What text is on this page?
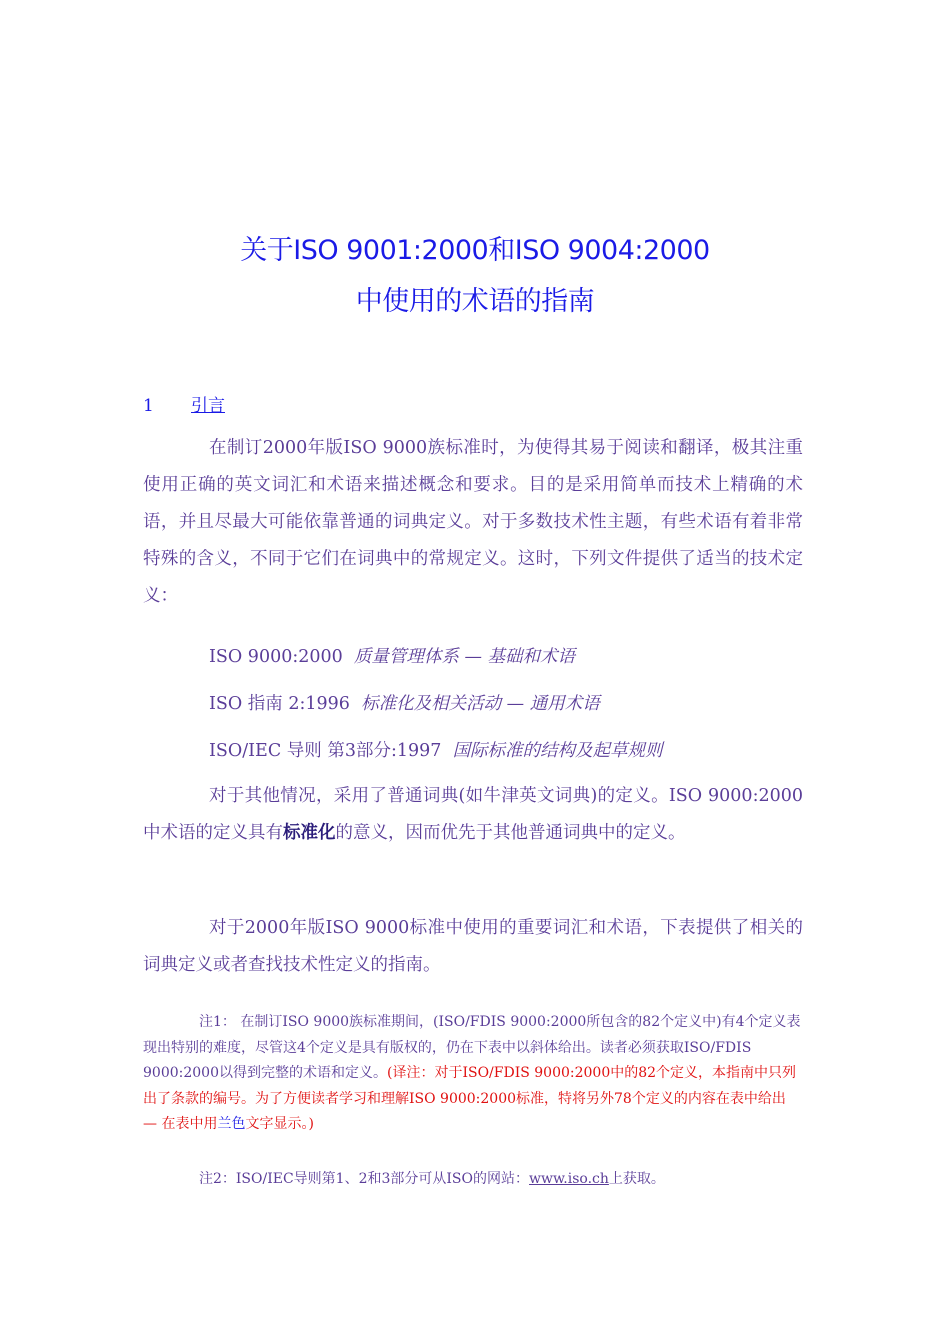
关于ISO 9001:2000和ISO 9004:2000
中使用的术语的指南
1 引言
在制订2000年版ISO 9000族标准时，为使得其易于阅读和翻译，极其注重使用正确的英文词汇和术语来描述概念和要求。目的是采用简单而技术上精确的术语，并且尽最大可能依靠普通的词典定义。对于多数技术性主题，有些术语有着非常特殊的含义，不同于它们在词典中的常规定义。这时，下列文件提供了适当的技术定义：
ISO 9000:2000 质量管理体系 — 基础和术语
ISO 指南 2:1996 标准化及相关活动 — 通用术语
ISO/IEC 导则 第3部分:1997 国际标准的结构及起草规则
对于其他情况，采用了普通词典(如牛津英文词典)的定义。ISO 9000:2000中术语的定义具有标准化的意义，因而优先于其他普通词典中的定义。
对于2000年版ISO 9000标准中使用的重要词汇和术语，下表提供了相关的词典定义或者查找技术性定义的指南。
注1： 在制订ISO 9000族标准期间，(ISO/FDIS 9000:2000所包含的82个定义中)有4个定义表现出特别的难度，尽管这4个定义是具有版权的，仍在下表中以斜体给出。读者必须获取ISO/FDIS 9000:2000以得到完整的术语和定义。(译注：对于ISO/FDIS 9000:2000中的82个定义，本指南中只列出了条款的编号。为了方便读者学习和理解ISO 9000:2000标准，特将另外78个定义的内容在表中给出 — 在表中用兰色文字显示。)
注2：ISO/IEC导则第1、2和3部分可从ISO的网站：www.iso.ch上获取。
